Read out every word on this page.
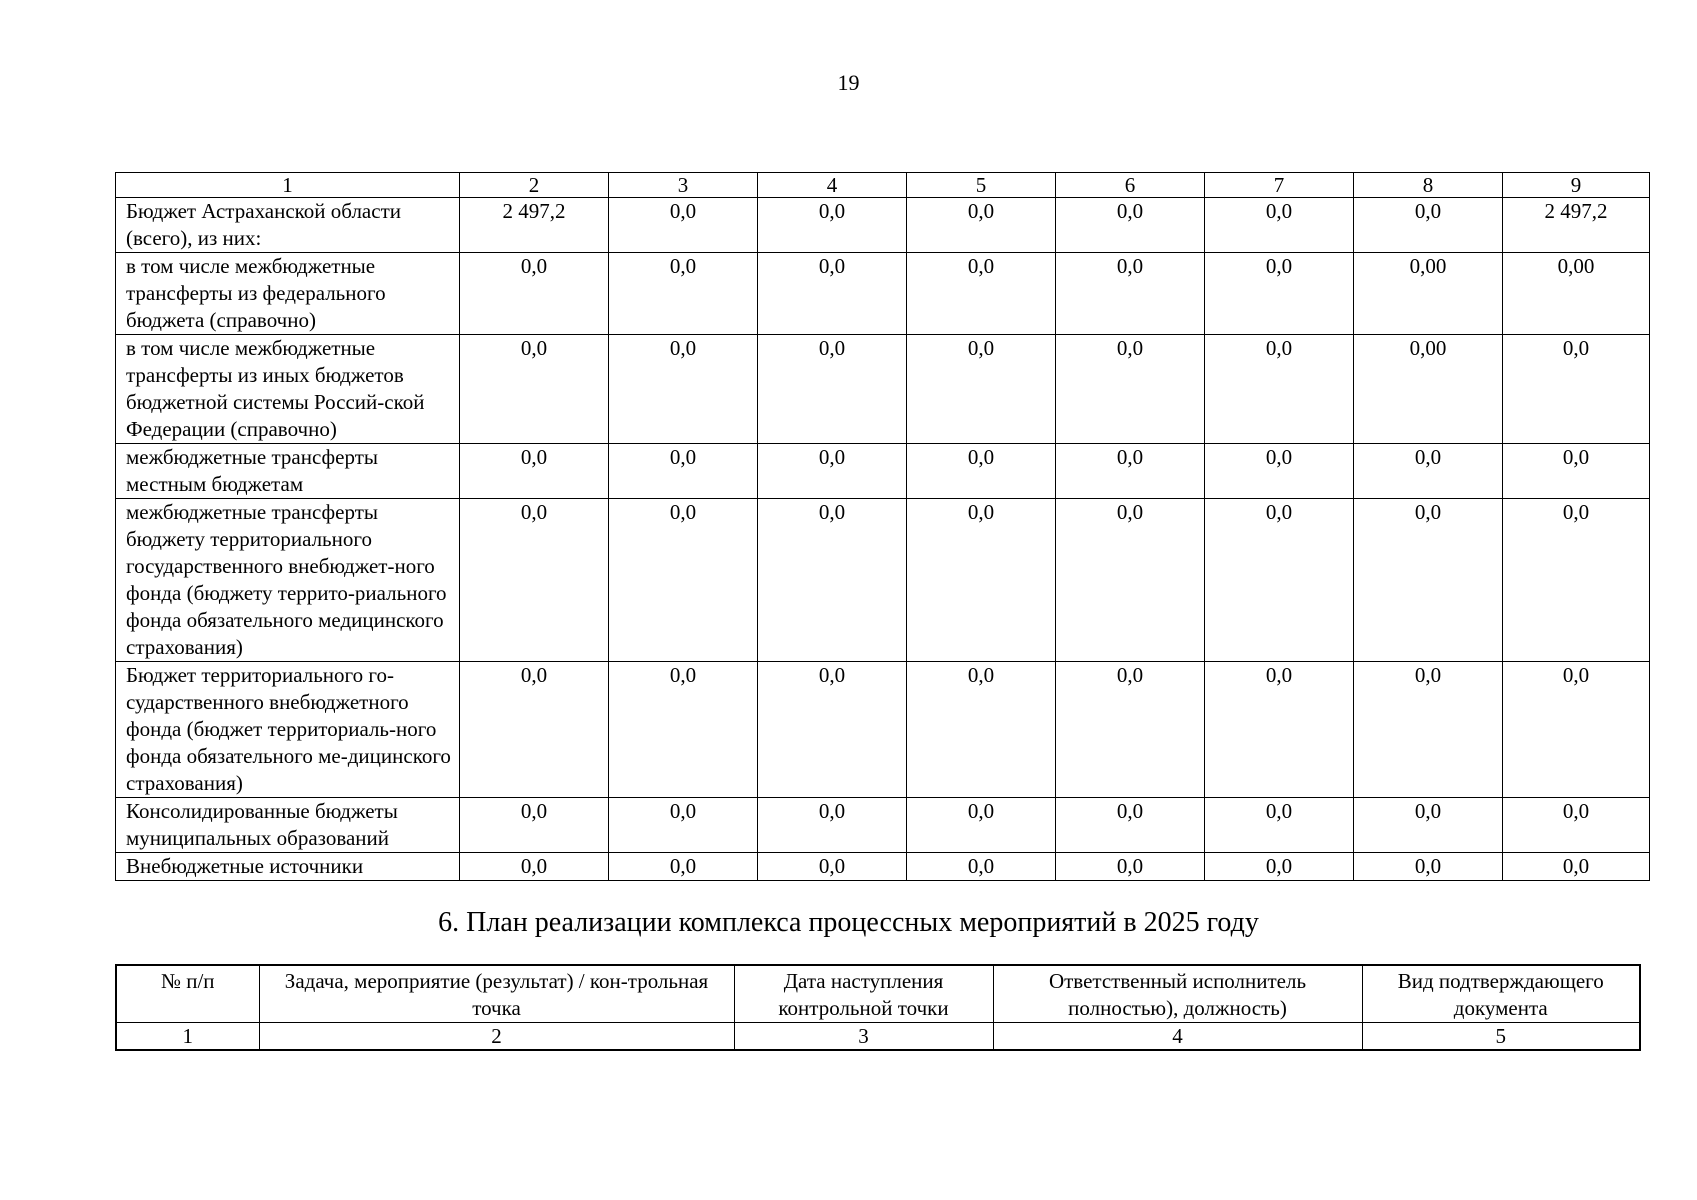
19
1	2	3	4	5	6	7	8	9
Бюджет Астраханской области (всего), из них:	2 497,2	0,0	0,0	0,0	0,0	0,0	0,0	2 497,2
в том числе межбюджетные трансферты из федерального бюджета (справочно)	0,0	0,0	0,0	0,0	0,0	0,0	0,00	0,00
в том числе межбюджетные трансферты из иных бюджетов бюджетной системы Россий-ской Федерации (справочно)	0,0	0,0	0,0	0,0	0,0	0,0	0,00	0,0
межбюджетные трансферты местным бюджетам	0,0	0,0	0,0	0,0	0,0	0,0	0,0	0,0
межбюджетные трансферты бюджету территориального государственного внебюджет-ного фонда (бюджету террито-риального фонда обязательного медицинского страхования)	0,0	0,0	0,0	0,0	0,0	0,0	0,0	0,0
Бюджет территориального го-сударственного внебюджетного фонда (бюджет территориаль-ного фонда обязательного ме-дицинского страхования)	0,0	0,0	0,0	0,0	0,0	0,0	0,0	0,0
Консолидированные бюджеты муниципальных образований	0,0	0,0	0,0	0,0	0,0	0,0	0,0	0,0
Внебюджетные источники	0,0	0,0	0,0	0,0	0,0	0,0	0,0	0,0
6. План реализации комплекса процессных мероприятий в 2025 году
№ п/п	Задача, мероприятие (результат) / кон-трольная точка	Дата наступления контрольной точки	Ответственный исполнитель полностью), должность)	Вид подтверждающего документа
1	2	3	4	5
